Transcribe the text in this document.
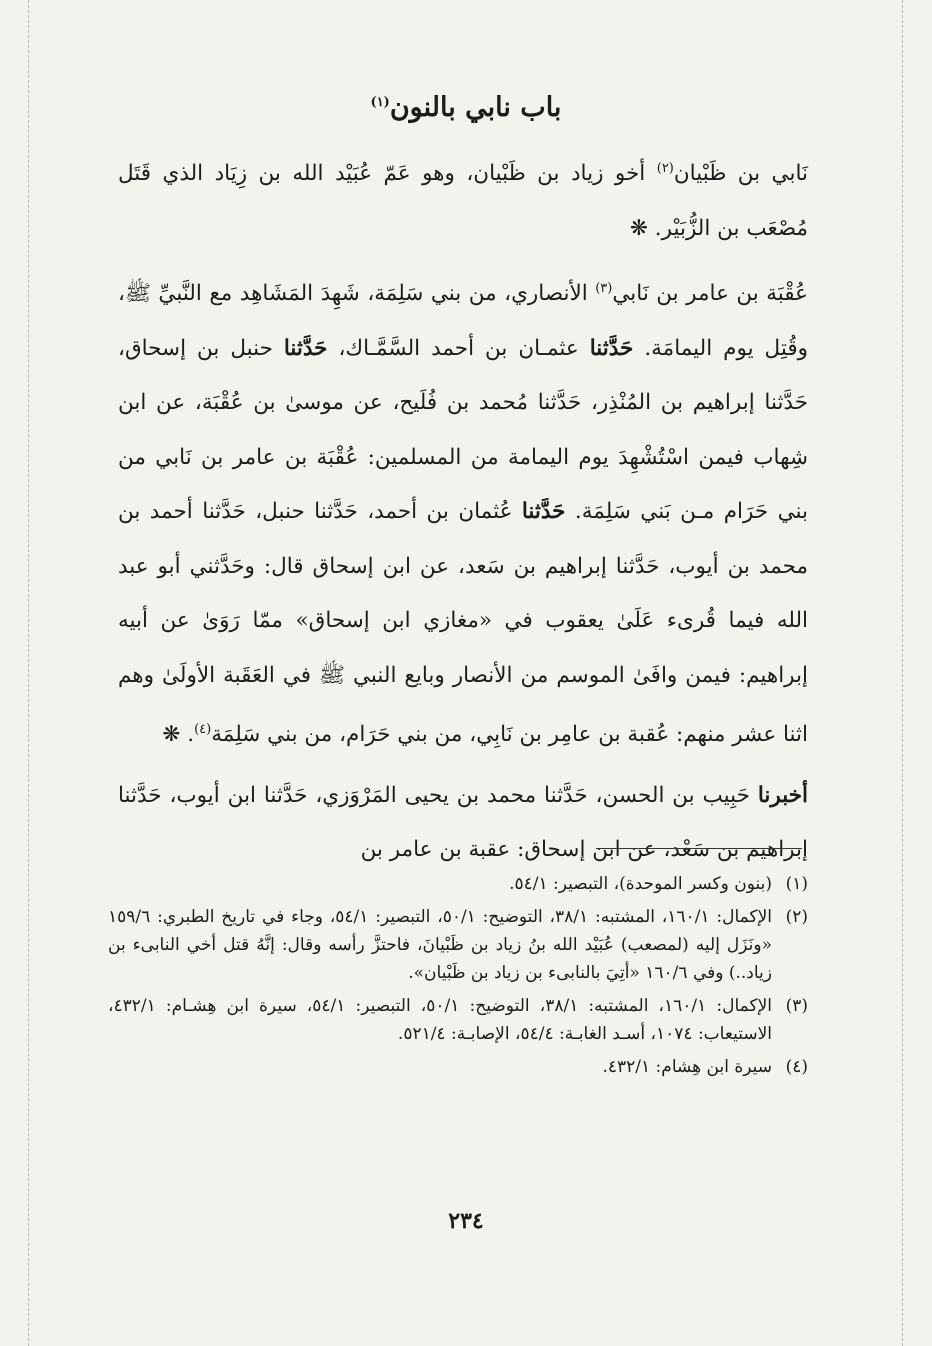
باب نابي بالنون$^{(١)}$

نَابي بن ظَبْيان$^{(٢)}$ أخو زياد بن ظَبْيان، وهو عَمّ عُبَيْد الله بن زِيَاد الذي قَتَل مُصْعَب بن الزُّبَيْر. ❋

عُقْبَة بن عامر بن نَابي$^{(٣)}$ الأنصاري، من بني سَلِمَة، شَهِدَ المَشَاهِد مع النَّبيِّ ﷺ، وقُتِل يوم اليمامَة. حَدَّثنا عثمـان بن أحمد السَّمَّـاك، حَدَّثنا حنبل بن إسحاق، حَدَّثنا إبراهيم بن المُنْذِر، حَدَّثنا مُحمد بن فُلَيح، عن موسىٰ بن عُقْبَة، عن ابن شِهاب فيمن اسْتُشْهِدَ يوم اليمامة من المسلمين: عُقْبَة بن عامر بن نَابي من بني حَرَام مـن بَني سَلِمَة. حَدَّثنا عُثمان بن أحمد، حَدَّثنا حنبل، حَدَّثنا أحمد بن محمد بن أيوب، حَدَّثنا إبراهيم بن سَعد، عن ابن إسحاق قال: وحَدَّثني أبو عبد الله فيما قُرىء عَلَىٰ يعقوب في «مغازي ابن إسحاق» ممّا رَوَىٰ عن أبيه إبراهيم: فيمن وافَىٰ الموسم من الأنصار وبايع النبي ﷺ في العَقَبة الأولَىٰ وهم اثنا عشر منهم: عُقبة بن عامِر بن نَابِي، من بني حَرَام، من بني سَلِمَة$^{(٤)}$. ❋

أخبرنا حَبِيب بن الحسن، حَدَّثنا محمد بن يحيى المَرْوَزي، حَدَّثنا ابن أيوب، حَدَّثنا إبراهيم بن سَعْد، عن ابن إسحاق: عقبة بن عامر بن

(١)
(بنون وكسر الموحدة)، التبصير: ٥٤/١.
(٢)
الإكمال: ١٦٠/١، المشتبه: ٣٨/١، التوضيح: ٥٠/١، التبصير: ٥٤/١، وجاء في تاريخ الطبري: ١٥٩/٦ «ونَزَل إليه (لمصعب) عُبَيْد الله بنُ زياد بن ظَبْيانَ، فاحتزَّ رأسه وقال: إنَّهُ قتل أخي النابىء بن زياد..) وفي ١٦٠/٦ «أتِيَ بالنابىء بن زياد بن ظَبْيان».
(٣)
الإكمال: ١٦٠/١، المشتبه: ٣٨/١، التوضيح: ٥٠/١، التبصير: ٥٤/١، سيرة ابن هِشـام: ٤٣٢/١، الاستيعاب: ١٠٧٤، أسـد الغابـة: ٥٤/٤، الإصابـة: ٥٢١/٤.
(٤)
سيرة ابن هِشام: ٤٣٢/١.
٢٣٤
